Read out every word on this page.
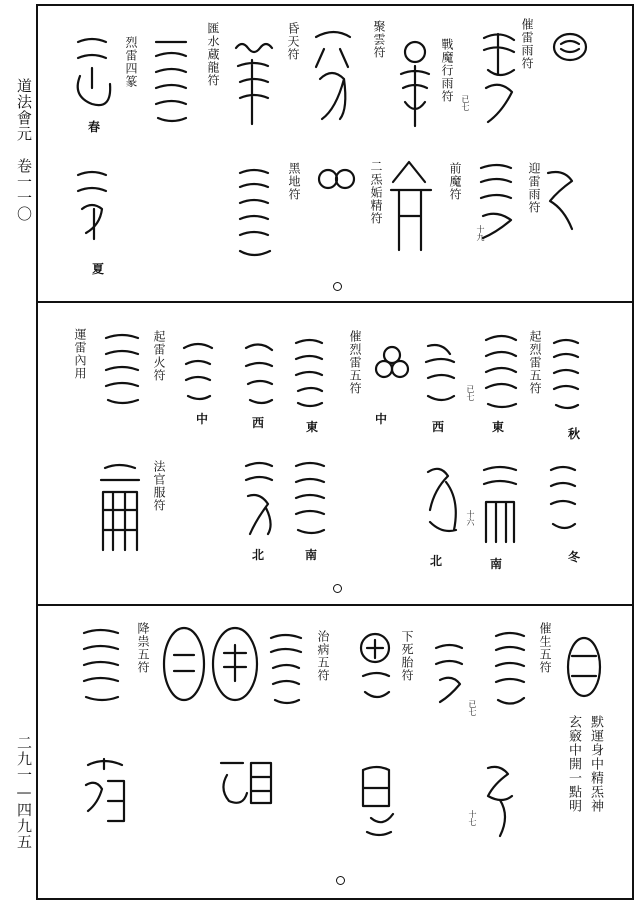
道法會元　卷一一〇
二九一—四九五
催雷雨符
戰魔行雨符
聚雲符
昏天符
匯水蔵龍符
烈雷四篆
迎雷雨符
前魔符
二炁姤精符
黑地符
春
夏
已七
十九
起烈雷五符
催烈雷五符
起雷火符
運雷內用
法官服符
秋
冬
東
西
中
東
西
中
南
北
南
北
已七
十六
催生五符
下死胎符
治病五符
降祟五符
默運身中精炁神
玄竅中開一點明
已七
十七
